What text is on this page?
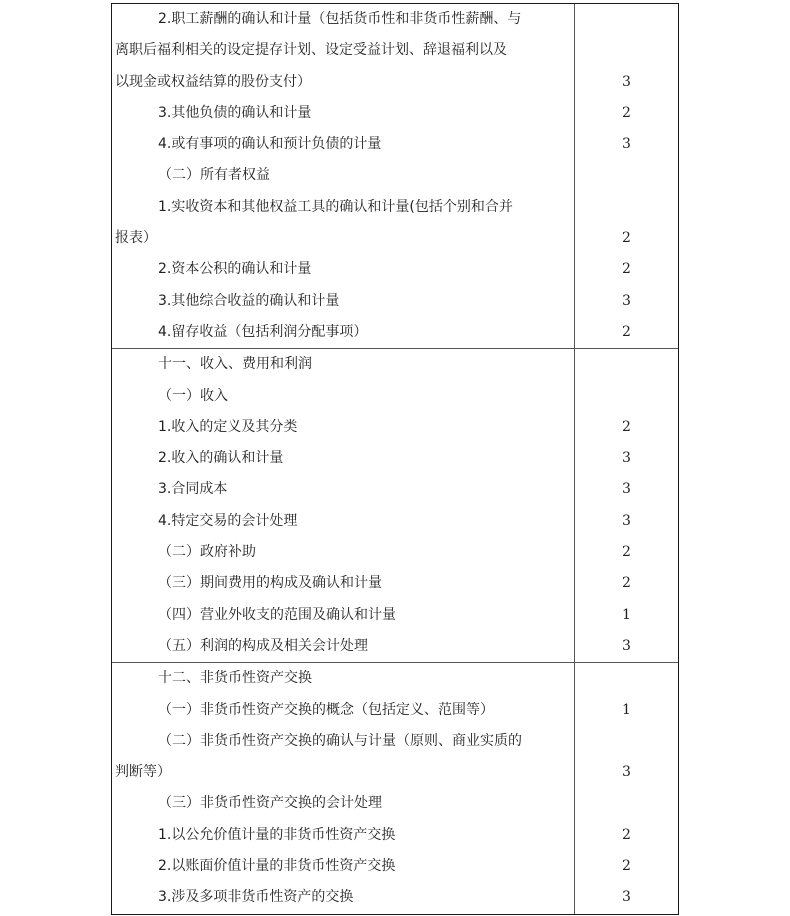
2.职工薪酬的确认和计量（包括货币性和非货币性薪酬、与
离职后福利相关的设定提存计划、设定受益计划、辞退福利以及
以现金或权益结算的股份支付）
3.其他负债的确认和计量
4.或有事项的确认和预计负债的计量
（二）所有者权益
1.实收资本和其他权益工具的确认和计量(包括个别和合并
报表）
2.资本公积的确认和计量
3.其他综合收益的确认和计量
4.留存收益（包括利润分配事项）
3
2
3
2
2
3
2
十一、收入、费用和利润
（一）收入
1.收入的定义及其分类
2.收入的确认和计量
3.合同成本
4.特定交易的会计处理
（二）政府补助
（三）期间费用的构成及确认和计量
（四）营业外收支的范围及确认和计量
（五）利润的构成及相关会计处理
2
3
3
3
2
2
1
3
十二、非货币性资产交换
（一）非货币性资产交换的概念（包括定义、范围等）
（二）非货币性资产交换的确认与计量（原则、商业实质的
判断等）
（三）非货币性资产交换的会计处理
1.以公允价值计量的非货币性资产交换
2.以账面价值计量的非货币性资产交换
3.涉及多项非货币性资产的交换
1
3
2
2
3
